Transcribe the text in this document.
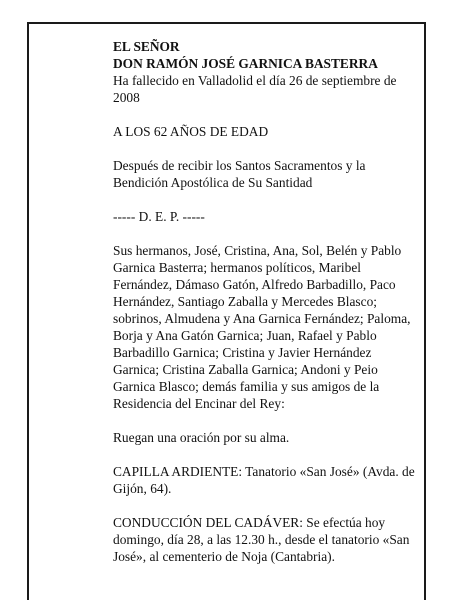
EL SEÑOR
DON RAMÓN JOSÉ GARNICA BASTERRA
Ha fallecido en Valladolid el día 26 de septiembre de
2008

A LOS 62 AÑOS DE EDAD

Después de recibir los Santos Sacramentos y la
Bendición Apostólica de Su Santidad

----- D. E. P. -----

Sus hermanos, José, Cristina, Ana, Sol, Belén y Pablo
Garnica Basterra; hermanos políticos, Maribel
Fernández, Dámaso Gatón, Alfredo Barbadillo, Paco
Hernández, Santiago Zaballa y Mercedes Blasco;
sobrinos, Almudena y Ana Garnica Fernández; Paloma,
Borja y Ana Gatón Garnica; Juan, Rafael y Pablo
Barbadillo Garnica; Cristina y Javier Hernández
Garnica; Cristina Zaballa Garnica; Andoni y Peio
Garnica Blasco; demás familia y sus amigos de la
Residencia del Encinar del Rey:

Ruegan una oración por su alma.

CAPILLA ARDIENTE: Tanatorio «San José» (Avda. de
Gijón, 64).

CONDUCCIÓN DEL CADÁVER: Se efectúa hoy
domingo, día 28, a las 12.30 h., desde el tanatorio «San
José», al cementerio de Noja (Cantabria).
